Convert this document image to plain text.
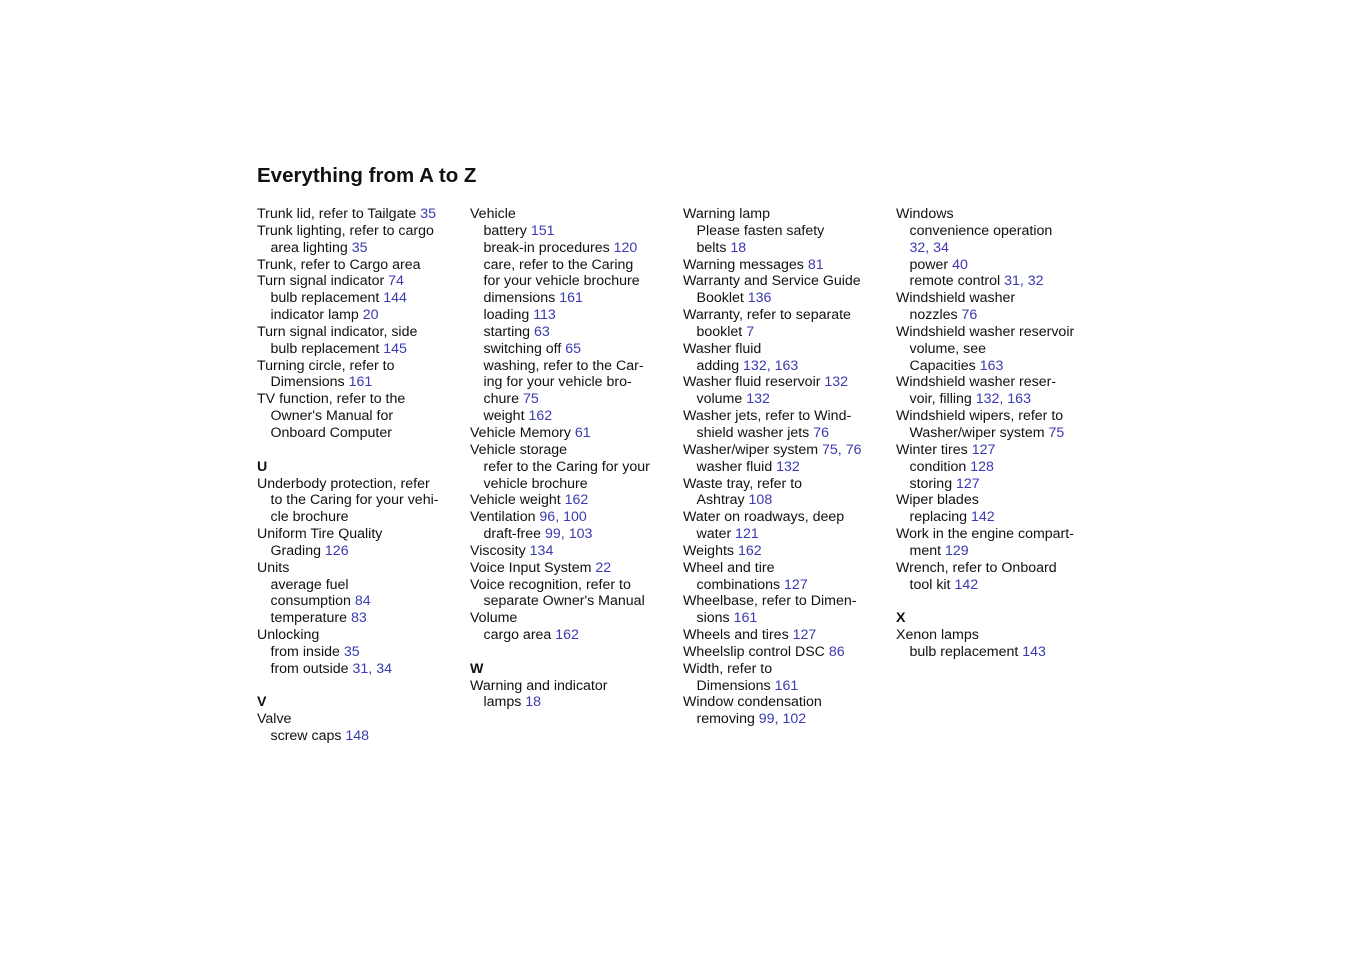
Everything from A to Z
Trunk lid, refer to Tailgate 35
Trunk lighting, refer to cargo
area lighting 35
Trunk, refer to Cargo area
Turn signal indicator 74
bulb replacement 144
indicator lamp 20
Turn signal indicator, side
bulb replacement 145
Turning circle, refer to
Dimensions 161
TV function, refer to the
Owner's Manual for
Onboard Computer
U
Underbody protection, refer
to the Caring for your vehi-
cle brochure
Uniform Tire Quality
Grading 126
Units
average fuel
consumption 84
temperature 83
Unlocking
from inside 35
from outside 31, 34
V
Valve
screw caps 148
Vehicle
battery 151
break-in procedures 120
care, refer to the Caring
for your vehicle brochure
dimensions 161
loading 113
starting 63
switching off 65
washing, refer to the Car-
ing for your vehicle bro-
chure 75
weight 162
Vehicle Memory 61
Vehicle storage
refer to the Caring for your
vehicle brochure
Vehicle weight 162
Ventilation 96, 100
draft-free 99, 103
Viscosity 134
Voice Input System 22
Voice recognition, refer to
separate Owner's Manual
Volume
cargo area 162
W
Warning and indicator
lamps 18
Warning lamp
Please fasten safety
belts 18
Warning messages 81
Warranty and Service Guide
Booklet 136
Warranty, refer to separate
booklet 7
Washer fluid
adding 132, 163
Washer fluid reservoir 132
volume 132
Washer jets, refer to Wind-
shield washer jets 76
Washer/wiper system 75, 76
washer fluid 132
Waste tray, refer to
Ashtray 108
Water on roadways, deep
water 121
Weights 162
Wheel and tire
combinations 127
Wheelbase, refer to Dimen-
sions 161
Wheels and tires 127
Wheelslip control DSC 86
Width, refer to
Dimensions 161
Window condensation
removing 99, 102
Windows
convenience operation
32, 34
power 40
remote control 31, 32
Windshield washer
nozzles 76
Windshield washer reservoir
volume, see
Capacities 163
Windshield washer reser-
voir, filling 132, 163
Windshield wipers, refer to
Washer/wiper system 75
Winter tires 127
condition 128
storing 127
Wiper blades
replacing 142
Work in the engine compart-
ment 129
Wrench, refer to Onboard
tool kit 142
X
Xenon lamps
bulb replacement 143
